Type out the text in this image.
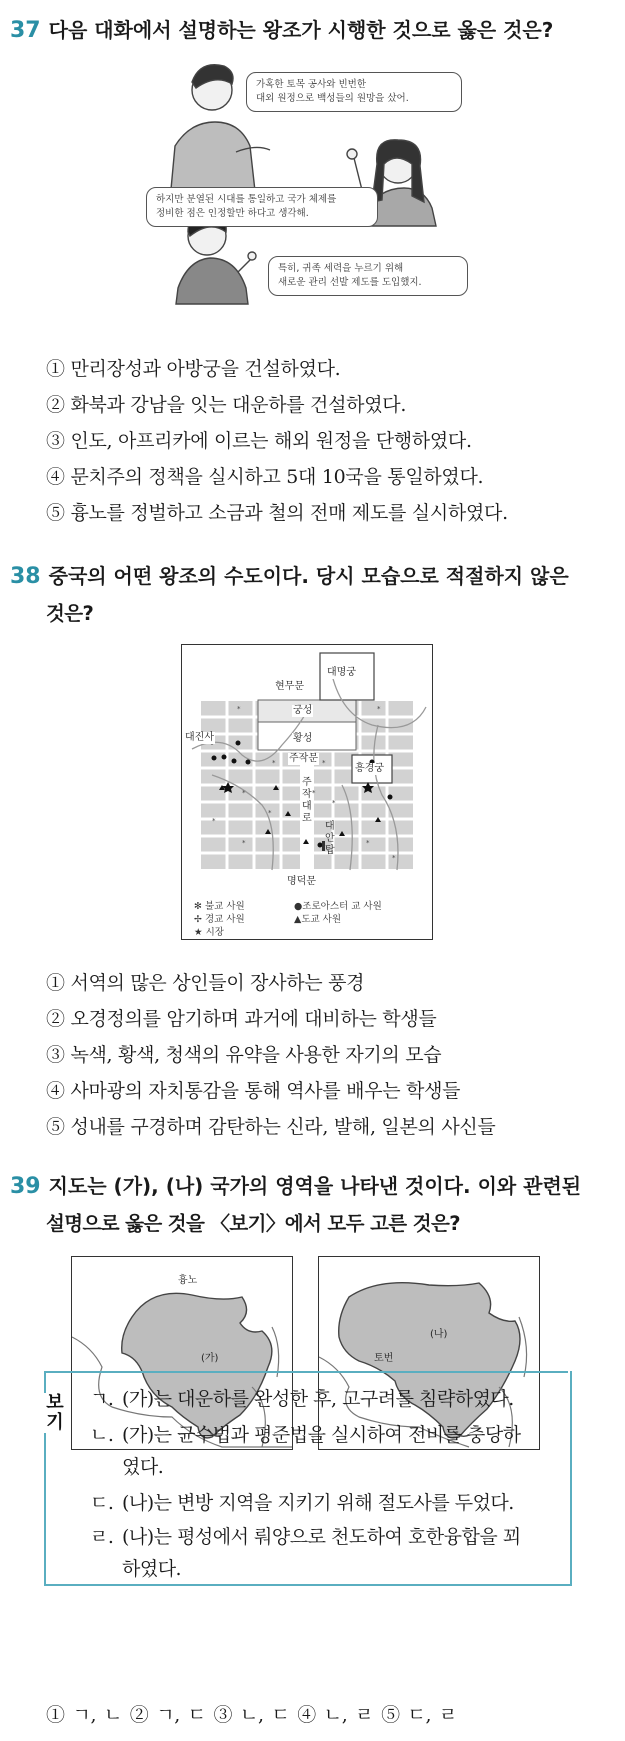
37 다음 대화에서 설명하는 왕조가 시행한 것으로 옳은 것은?
가혹한 토목 공사와 빈번한
대외 원정으로 백성들의 원망을 샀어.
하지만 분열된 시대를 통일하고 국가 체제를
정비한 점은 인정할만 하다고 생각해.
특히, 귀족 세력을 누르기 위해
새로운 관리 선발 제도를 도입했지.
① 만리장성과 아방궁을 건설하였다.
② 화북과 강남을 잇는 대운하를 건설하였다.
③ 인도, 아프리카에 이르는 해외 원정을 단행하였다.
④ 문치주의 정책을 실시하고 5대 10국을 통일하였다.
⑤ 흉노를 정벌하고 소금과 철의 전매 제도를 실시하였다.
38 중국의 어떤 왕조의 수도이다. 당시 모습으로 적절하지 않은
것은?
*
*
*
*
*
*
*
*
*
*
*
*
대명궁
현무문
궁성
황성
주작문
대진사
흥경궁
주
작
대
로
대
안
탑
명덕문
✻ 불교 사원
✢ 경교 사원
★ 시장
●조로아스터 교 사원
▲도교 사원
① 서역의 많은 상인들이 장사하는 풍경
② 오경정의를 암기하며 과거에 대비하는 학생들
③ 녹색, 황색, 청색의 유약을 사용한 자기의 모습
④ 사마광의 자치통감을 통해 역사를 배우는 학생들
⑤ 성내를 구경하며 감탄하는 신라, 발해, 일본의 사신들
39 지도는 (가), (나) 국가의 영역을 나타낸 것이다. 이와 관련된
설명으로 옳은 것을 〈보기〉에서 모두 고른 것은?
흉노
(가)
(나)
토번
보
기
ㄱ. (가)는 대운하를 완성한 후, 고구려를 침략하였다.
ㄴ. (가)는 균수법과 평준법을 실시하여 전비를 충당하
였다.
ㄷ. (나)는 변방 지역을 지키기 위해 절도사를 두었다.
ㄹ. (나)는 평성에서 뤄양으로 천도하여 호한융합을 꾀
하였다.
① ㄱ, ㄴ ② ㄱ, ㄷ ③ ㄴ, ㄷ ④ ㄴ, ㄹ ⑤ ㄷ, ㄹ
